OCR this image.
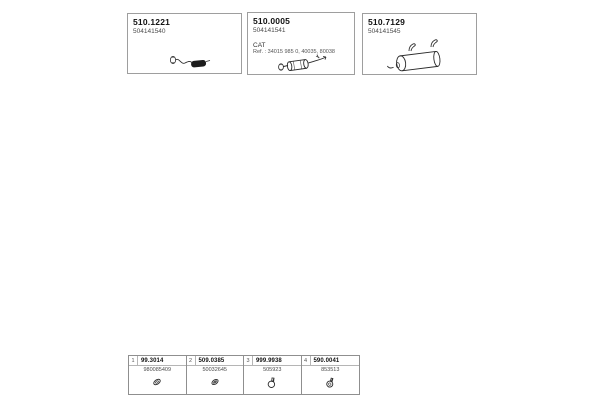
510.1221
504141540
510.0005
504141541
CAT
Ref. : 34015 985 0, 40035, 80038
510.7129
504141545
1	99.3014
980085409
2	509.0385
50032645
3	999.9938
505923
4	590.0041
853513
